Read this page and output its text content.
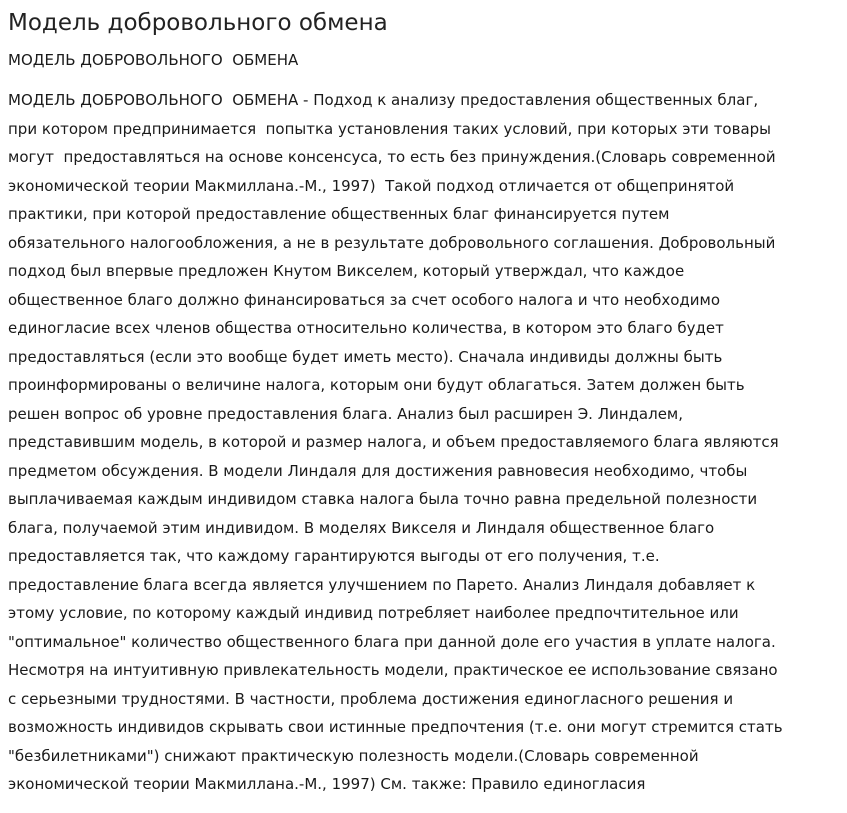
Модель добровольного обмена
МОДЕЛЬ ДОБРОВОЛЬНОГО  ОБМЕНА
МОДЕЛЬ ДОБРОВОЛЬНОГО  ОБМЕНА - Подход к анализу предоставления общественных благ,
при котором предпринимается  попытка установления таких условий, при которых эти товары
могут  предоставляться на основе консенсуса, то есть без принуждения.(Словарь современной
экономической теории Макмиллана.-М., 1997)  Такой подход отличается от общепринятой
практики, при которой предоставление общественных благ финансируется путем
обязательного налогообложения, а не в результате добровольного соглашения. Добровольный
подход был впервые предложен Кнутом Викселем, который утверждал, что каждое
общественное благо должно финансироваться за счет особого налога и что необходимо
единогласие всех членов общества относительно количества, в котором это благо будет
предоставляться (если это вообще будет иметь место). Сначала индивиды должны быть
проинформированы о величине налога, которым они будут облагаться. Затем должен быть
решен вопрос об уровне предоставления блага. Анализ был расширен Э. Линдалем,
представившим модель, в которой и размер налога, и объем предоставляемого блага являются
предметом обсуждения. В модели Линдаля для достижения равновесия необходимо, чтобы
выплачиваемая каждым индивидом ставка налога была точно равна предельной полезности
блага, получаемой этим индивидом. В моделях Викселя и Линдаля общественное благо
предоставляется так, что каждому гарантируются выгоды от его получения, т.е.
предоставление блага всегда является улучшением по Парето. Анализ Линдаля добавляет к
этому условие, по которому каждый индивид потребляет наиболее предпочтительное или
"оптимальное" количество общественного блага при данной доле его участия в уплате налога.
Несмотря на интуитивную привлекательность модели, практическое ее использование связано
с серьезными трудностями. В частности, проблема достижения единогласного решения и
возможность индивидов скрывать свои истинные предпочтения (т.е. они могут стремится стать
"безбилетниками") снижают практическую полезность модели.(Словарь современной
экономической теории Макмиллана.-М., 1997) См. также: Правило единогласия
